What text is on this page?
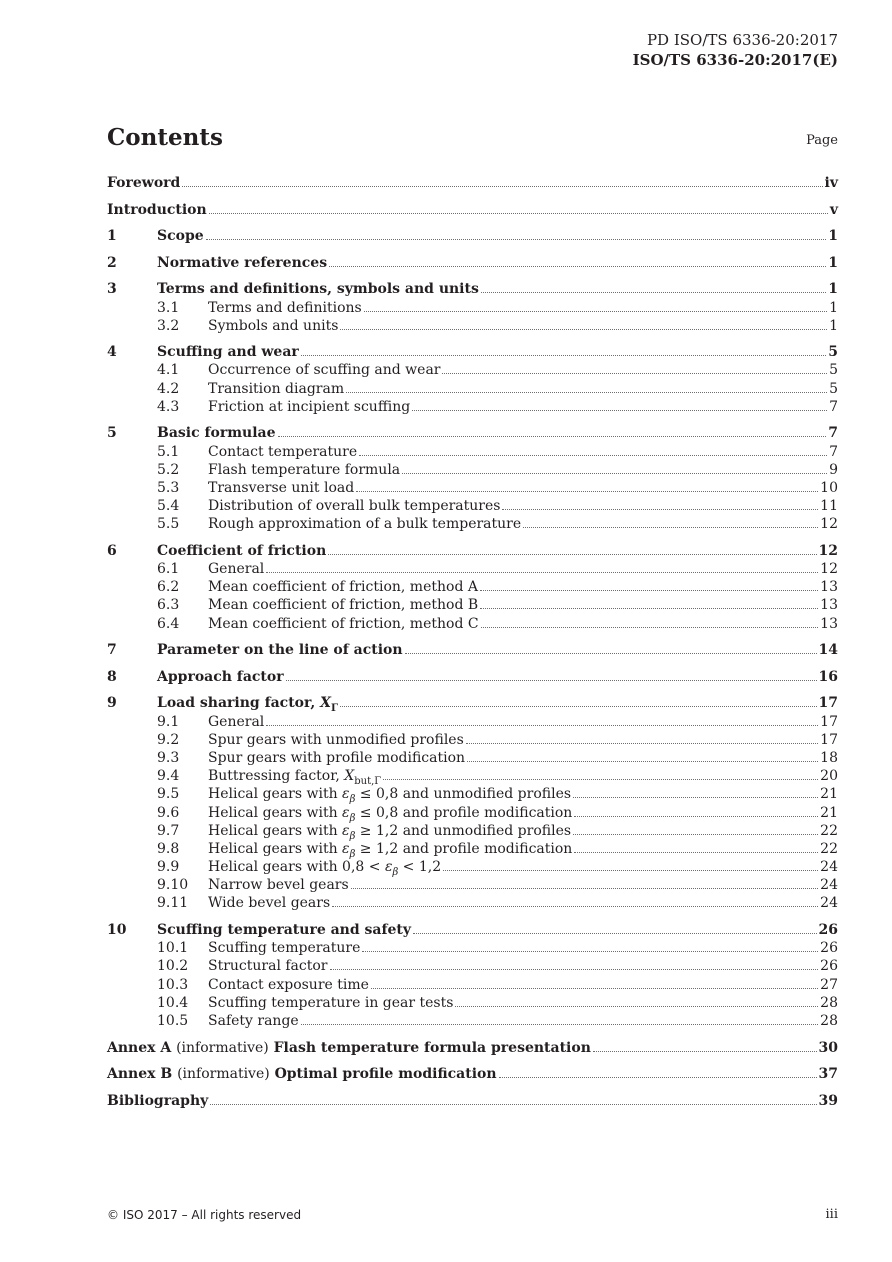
PD ISO/TS 6336-20:2017
ISO/TS 6336-20:2017(E)
Contents	Page
Foreword	iv
Introduction	v
1	Scope	1
2	Normative references	1
3	Terms and definitions, symbols and units	1
3.1	Terms and definitions	1
3.2	Symbols and units	1
4	Scuffing and wear	5
4.1	Occurrence of scuffing and wear	5
4.2	Transition diagram	5
4.3	Friction at incipient scuffing	7
5	Basic formulae	7
5.1	Contact temperature	7
5.2	Flash temperature formula	9
5.3	Transverse unit load	10
5.4	Distribution of overall bulk temperatures	11
5.5	Rough approximation of a bulk temperature	12
6	Coefficient of friction	12
6.1	General	12
6.2	Mean coefficient of friction, method A	13
6.3	Mean coefficient of friction, method B	13
6.4	Mean coefficient of friction, method C	13
7	Parameter on the line of action	14
8	Approach factor	16
9	Load sharing factor, $X_\Gamma$	17
9.1	General	17
9.2	Spur gears with unmodified profiles	17
9.3	Spur gears with profile modification	18
9.4	Buttressing factor, $X_{but,\Gamma}$	20
9.5	Helical gears with $\varepsilon_\beta \le 0,8$ and unmodified profiles	21
9.6	Helical gears with $\varepsilon_\beta \le 0,8$ and profile modification	21
9.7	Helical gears with $\varepsilon_\beta \ge 1,2$ and unmodified profiles	22
9.8	Helical gears with $\varepsilon_\beta \ge 1,2$ and profile modification	22
9.9	Helical gears with $0,8 < \varepsilon_\beta < 1,2$	24
9.10	Narrow bevel gears	24
9.11	Wide bevel gears	24
10	Scuffing temperature and safety	26
10.1	Scuffing temperature	26
10.2	Structural factor	26
10.3	Contact exposure time	27
10.4	Scuffing temperature in gear tests	28
10.5	Safety range	28
Annex A (informative) Flash temperature formula presentation	30
Annex B (informative) Optimal profile modification	37
Bibliography	39
© ISO 2017 – All rights reserved	iii
